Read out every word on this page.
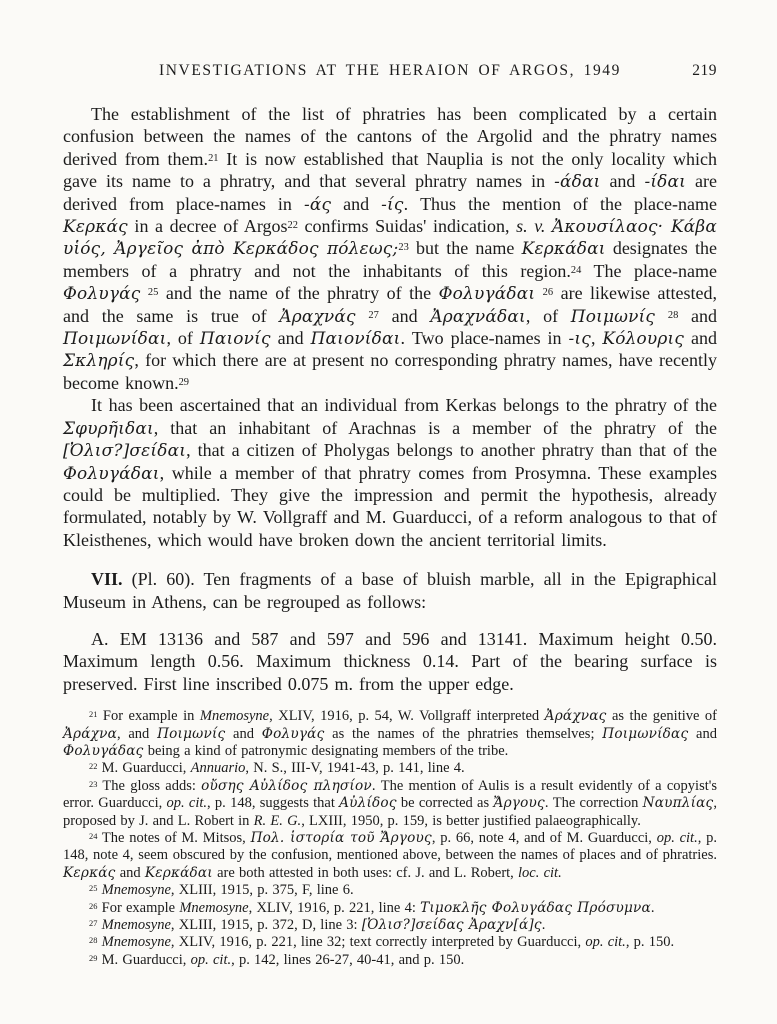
INVESTIGATIONS AT THE HERAION OF ARGOS, 1949	219

The establishment of the list of phratries has been complicated by a certain confusion between the names of the cantons of the Argolid and the phratry names derived from them.$^{21}$ It is now established that Nauplia is not the only locality which gave its name to a phratry, and that several phratry names in -άδαι and -ίδαι are derived from place-names in -άς and -ίς. Thus the mention of the place-name Κερκάς in a decree of Argos$^{22}$ confirms Suidas' indication, s. v. Ἀκουσίλαος· Κάβα υἱός, Ἀργεῖος ἀπὸ Κερκάδος πόλεως;$^{23}$ but the name Κερκάδαι designates the members of a phratry and not the inhabitants of this region.$^{24}$ The place-name Φολυγάς $^{25}$ and the name of the phratry of the Φολυγάδαι $^{26}$ are likewise attested, and the same is true of Ἀραχνάς $^{27}$ and Ἀραχνάδαι, of Ποιμωνίς $^{28}$ and Ποιμωνίδαι, of Παιονίς and Παιονίδαι. Two place-names in -ις, Κόλουρις and Σκληρίς, for which there are at present no corresponding phratry names, have recently become known.$^{29}$

It has been ascertained that an individual from Kerkas belongs to the phratry of the Σφυρῆιδαι, that an inhabitant of Arachnas is a member of the phratry of the [Ὀλισ?]σείδαι, that a citizen of Pholygas belongs to another phratry than that of the Φολυγάδαι, while a member of that phratry comes from Prosymna. These examples could be multiplied. They give the impression and permit the hypothesis, already formulated, notably by W. Vollgraff and M. Guarducci, of a reform analogous to that of Kleisthenes, which would have broken down the ancient territorial limits.

VII. (Pl. 60). Ten fragments of a base of bluish marble, all in the Epigraphical Museum in Athens, can be regrouped as follows:

A. EM 13136 and 587 and 597 and 596 and 13141. Maximum height 0.50. Maximum length 0.56. Maximum thickness 0.14. Part of the bearing surface is preserved. First line inscribed 0.075 m. from the upper edge.

$^{21}$ For example in Mnemosyne, XLIV, 1916, p. 54, W. Vollgraff interpreted Ἀράχνας as the genitive of Ἀράχνα, and Ποιμωνίς and Φολυγάς as the names of the phratries themselves; Ποιμωνίδας and Φολυγάδας being a kind of patronymic designating members of the tribe.

$^{22}$ M. Guarducci, Annuario, N. S., III-V, 1941-43, p. 141, line 4.

$^{23}$ The gloss adds: οὔσης Αὐλίδος πλησίον. The mention of Aulis is a result evidently of a copyist's error. Guarducci, op. cit., p. 148, suggests that Αὐλίδος be corrected as Ἄργους. The correction Ναυπλίας, proposed by J. and L. Robert in R. E. G., LXIII, 1950, p. 159, is better justified palaeographically.

$^{24}$ The notes of M. Mitsos, Πολ. ἱστορία τοῦ Ἄργους, p. 66, note 4, and of M. Guarducci, op. cit., p. 148, note 4, seem obscured by the confusion, mentioned above, between the names of places and of phratries. Κερκάς and Κερκάδαι are both attested in both uses: cf. J. and L. Robert, loc. cit.

$^{25}$ Mnemosyne, XLIII, 1915, p. 375, F, line 6.

$^{26}$ For example Mnemosyne, XLIV, 1916, p. 221, line 4: Τιμοκλῆς Φολυγάδας Πρόσυμνα.

$^{27}$ Mnemosyne, XLIII, 1915, p. 372, D, line 3: [Ὀλισ?]σείδας Ἀραχν[ά]ς.

$^{28}$ Mnemosyne, XLIV, 1916, p. 221, line 32; text correctly interpreted by Guarducci, op. cit., p. 150.

$^{29}$ M. Guarducci, op. cit., p. 142, lines 26-27, 40-41, and p. 150.
